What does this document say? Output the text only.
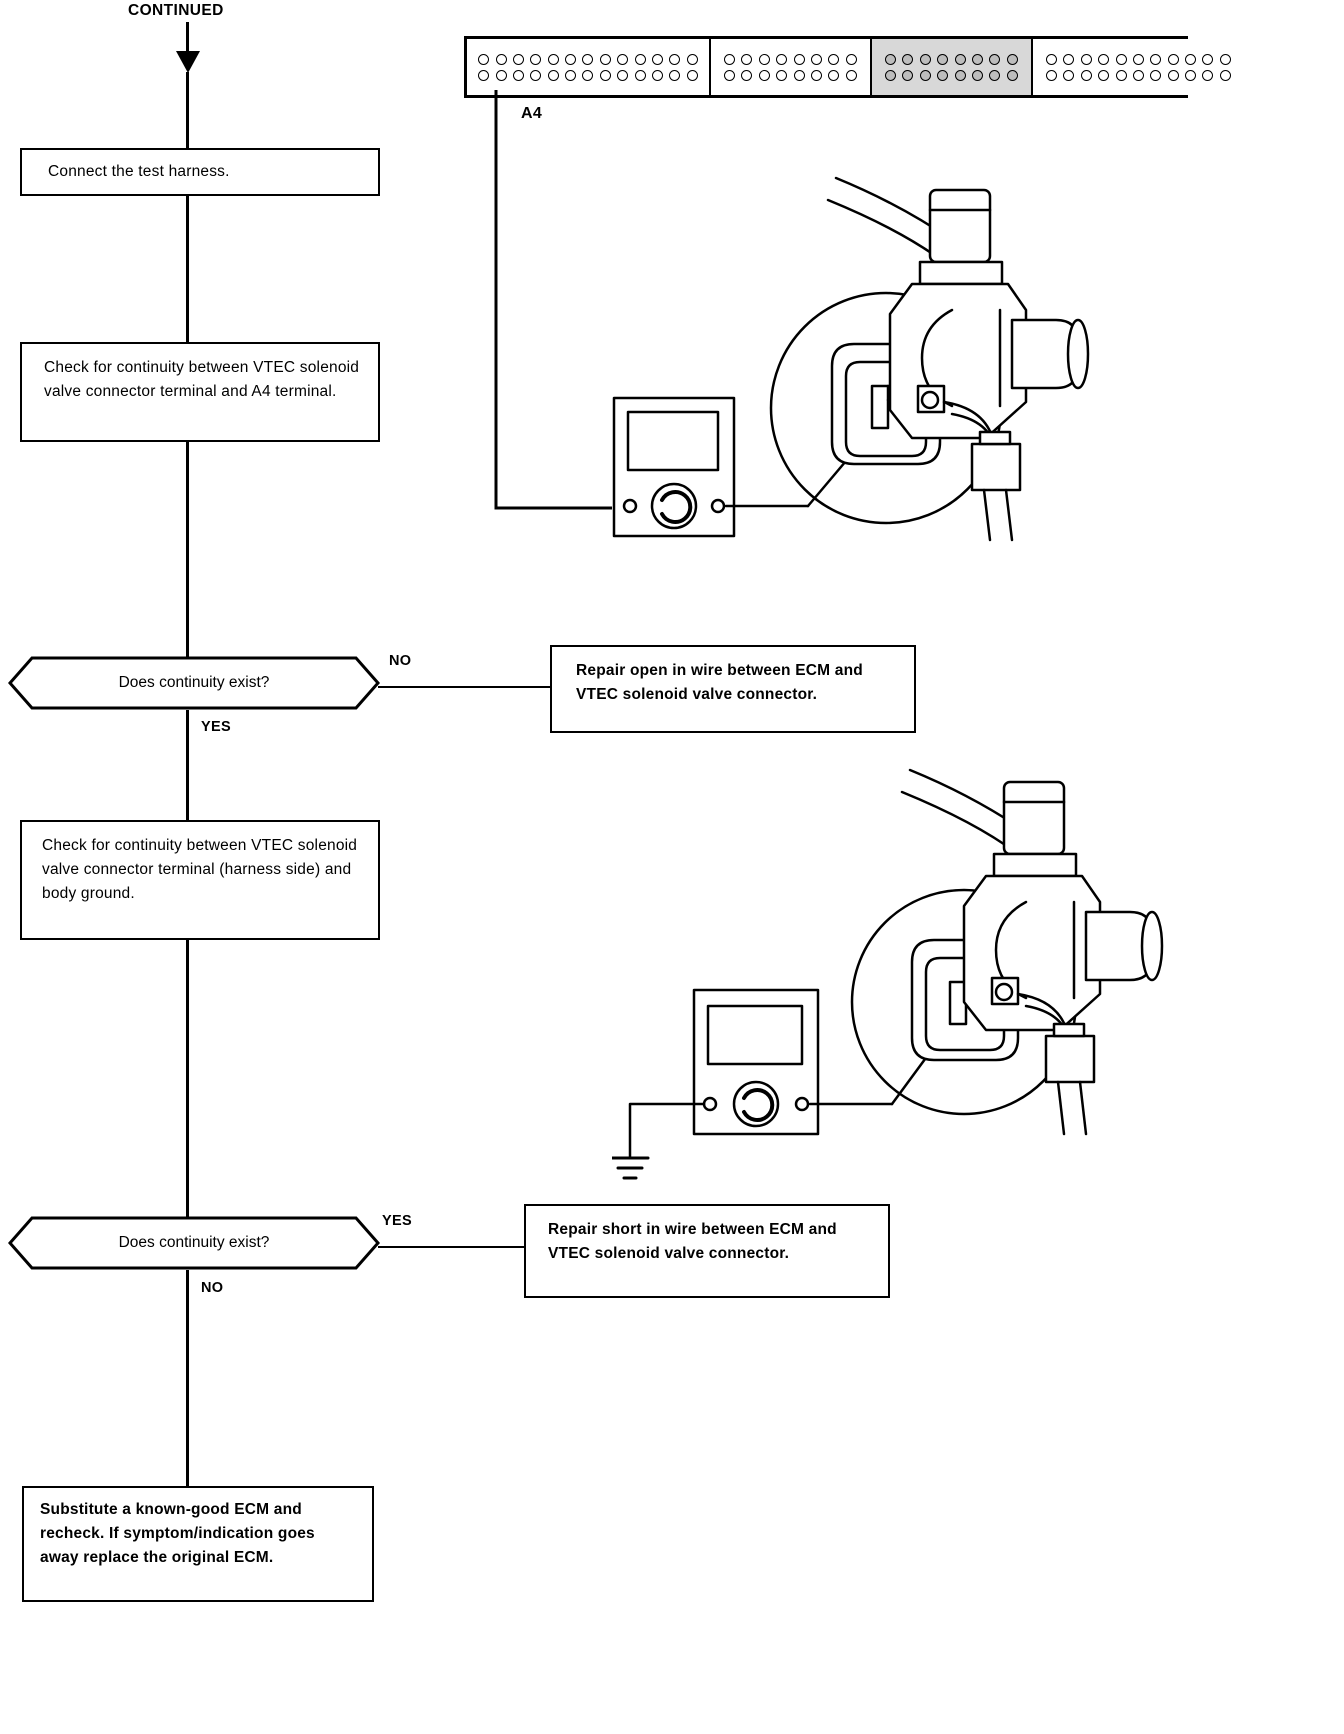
CONTINUED
Connect the test harness.
Check for continuity between VTEC solenoid valve connector terminal and A4 terminal.
Does continuity exist?
NO
YES
Repair open in wire between ECM and VTEC solenoid valve connector.
Check for continuity between VTEC solenoid valve connector terminal (harness side) and body ground.
Does continuity exist?
YES
NO
Repair short in wire between ECM and VTEC solenoid valve connector.
Substitute a known-good ECM and recheck. If symptom/indication goes away replace the original ECM.
A4
